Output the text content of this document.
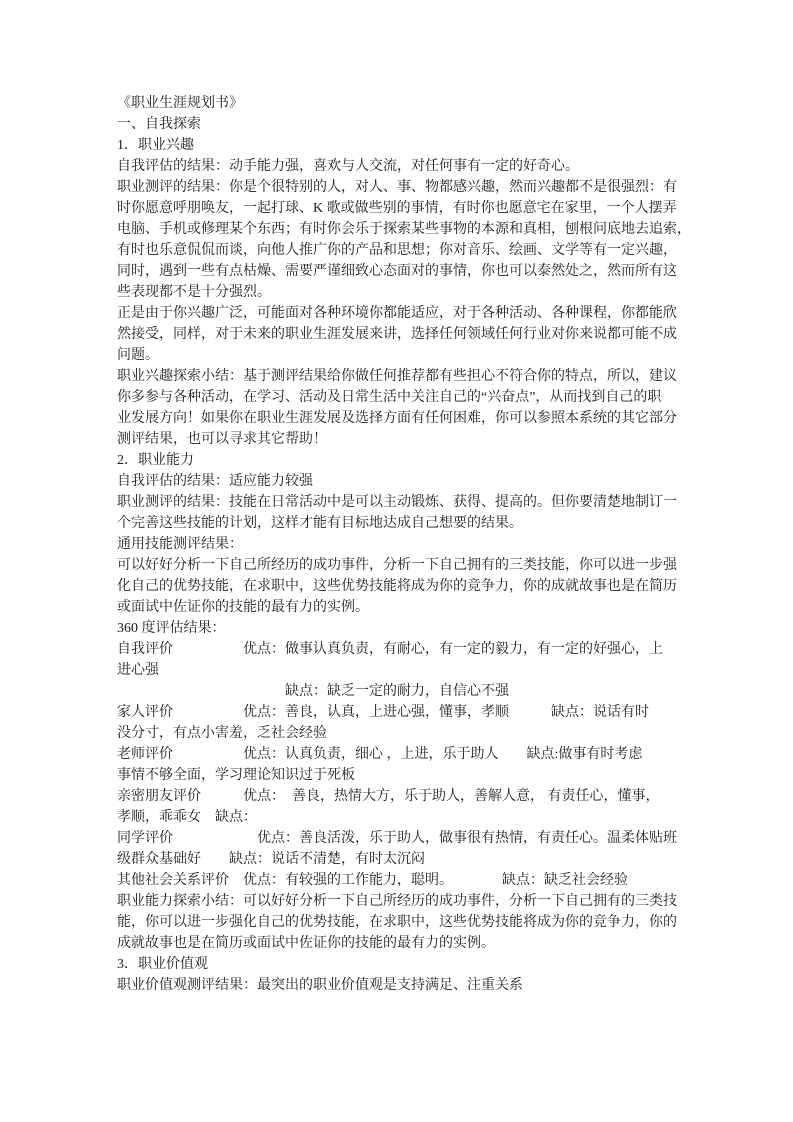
《职业生涯规划书》
一、自我探索
1．职业兴趣
自我评估的结果：动手能力强，喜欢与人交流，对任何事有一定的好奇心。
职业测评的结果：你是个很特别的人，对人、事、物都感兴趣，然而兴趣都不是很强烈：有
时你愿意呼朋唤友，一起打球、K 歌或做些别的事情，有时你也愿意宅在家里，一个人摆弄
电脑、手机或修理某个东西；有时你会乐于探索某些事物的本源和真相，刨根问底地去追索，
有时也乐意侃侃而谈，向他人推广你的产品和思想；你对音乐、绘画、文学等有一定兴趣，
同时，遇到一些有点枯燥、需要严谨细致心态面对的事情，你也可以泰然处之，然而所有这
些表现都不是十分强烈。
正是由于你兴趣广泛，可能面对各种环境你都能适应，对于各种活动、各种课程，你都能欣
然接受，同样，对于未来的职业生涯发展来讲，选择任何领域任何行业对你来说都可能不成
问题。
职业兴趣探索小结：基于测评结果给你做任何推荐都有些担心不符合你的特点，所以，建议
你多参与各种活动，在学习、活动及日常生活中关注自己的“兴奋点”，从而找到自己的职
业发展方向！如果你在职业生涯发展及选择方面有任何困难，你可以参照本系统的其它部分
测评结果，也可以寻求其它帮助！
2．职业能力
自我评估的结果：适应能力较强
职业测评的结果：技能在日常活动中是可以主动锻炼、获得、提高的。但你要清楚地制订一
个完善这些技能的计划，这样才能有目标地达成自己想要的结果。
通用技能测评结果：
可以好好分析一下自己所经历的成功事件，分析一下自己拥有的三类技能，你可以进一步强
化自己的优势技能，在求职中，这些优势技能将成为你的竞争力，你的成就故事也是在简历
或面试中佐证你的技能的最有力的实例。
360 度评估结果：
自我评价　　　　　优点：做事认真负责，有耐心，有一定的毅力，有一定的好强心，上
进心强
　　　　　　　　　　　　缺点：缺乏一定的耐力，自信心不强
家人评价　　　　　优点：善良，认真，上进心强，懂事，孝顺　　　缺点：说话有时
没分寸，有点小害羞，乏社会经验
老师评价　　　　　优点：认真负责，细心 ，上进，乐于助人　　缺点:做事有时考虑
事情不够全面，学习理论知识过于死板
亲密朋友评价　　　优点：　善良，热情大方，乐于助人，善解人意， 有责任心，懂事，
孝顺，乖乖女　缺点：
同学评价　　　　　　优点：善良活泼，乐于助人，做事很有热情，有责任心。温柔体贴班
级群众基础好　　缺点：说话不清楚，有时太沉闷
其他社会关系评价　优点：有较强的工作能力，聪明。　　　　缺点：缺乏社会经验
职业能力探索小结：可以好好分析一下自己所经历的成功事件，分析一下自己拥有的三类技
能，你可以进一步强化自己的优势技能，在求职中，这些优势技能将成为你的竞争力，你的
成就故事也是在简历或面试中佐证你的技能的最有力的实例。
3．职业价值观
职业价值观测评结果：最突出的职业价值观是支持满足、注重关系
